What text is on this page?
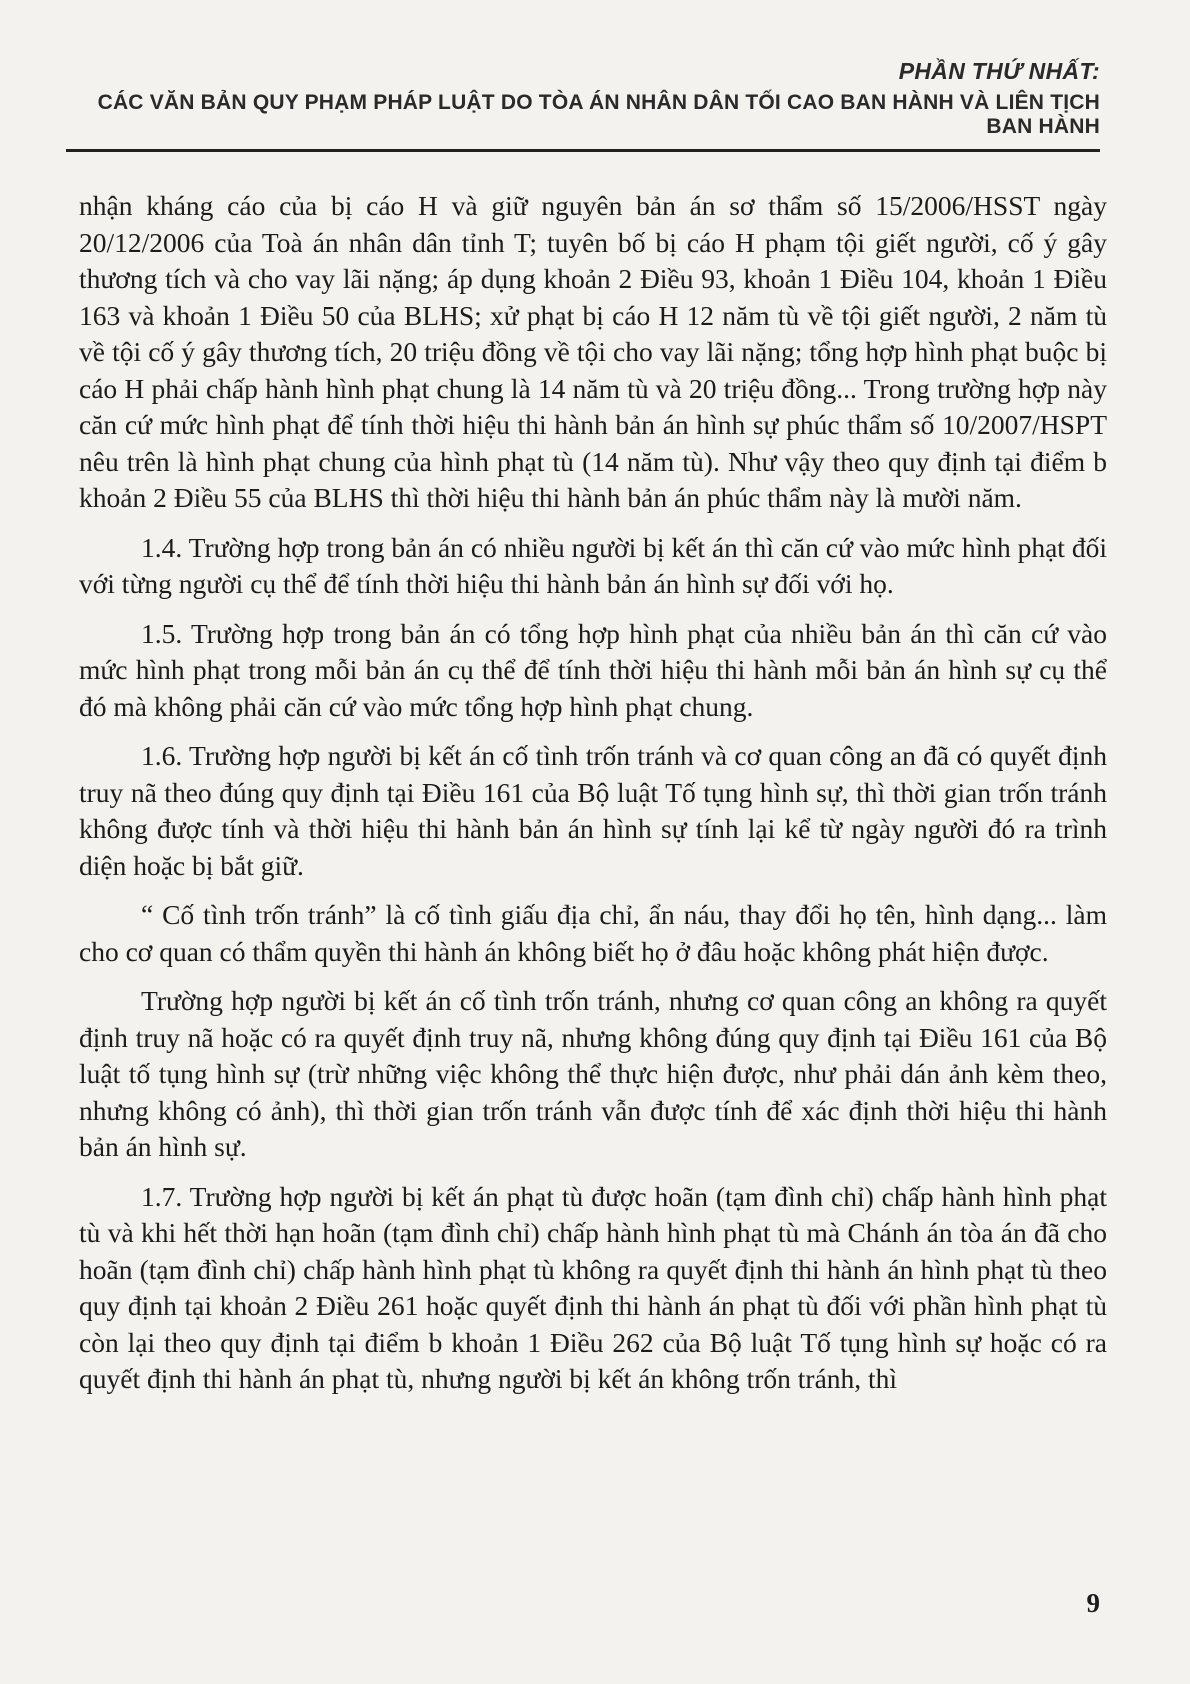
PHẦN THỨ NHẤT:
CÁC VĂN BẢN QUY PHẠM PHÁP LUẬT DO TÒA ÁN NHÂN DÂN TỐI CAO BAN HÀNH VÀ LIÊN TỊCH BAN HÀNH

nhận kháng cáo của bị cáo H và giữ nguyên bản án sơ thẩm số 15/2006/HSST ngày 20/12/2006 của Toà án nhân dân tỉnh T; tuyên bố bị cáo H phạm tội giết người, cố ý gây thương tích và cho vay lãi nặng; áp dụng khoản 2 Điều 93, khoản 1 Điều 104, khoản 1 Điều 163 và khoản 1 Điều 50 của BLHS; xử phạt bị cáo H 12 năm tù về tội giết người, 2 năm tù về tội cố ý gây thương tích, 20 triệu đồng về tội cho vay lãi nặng; tổng hợp hình phạt buộc bị cáo H phải chấp hành hình phạt chung là 14 năm tù và 20 triệu đồng... Trong trường hợp này căn cứ mức hình phạt để tính thời hiệu thi hành bản án hình sự phúc thẩm số 10/2007/HSPT nêu trên là hình phạt chung của hình phạt tù (14 năm tù). Như vậy theo quy định tại điểm b khoản 2 Điều 55 của BLHS thì thời hiệu thi hành bản án phúc thẩm này là mười năm.

1.4. Trường hợp trong bản án có nhiều người bị kết án thì căn cứ vào mức hình phạt đối với từng người cụ thể để tính thời hiệu thi hành bản án hình sự đối với họ.

1.5. Trường hợp trong bản án có tổng hợp hình phạt của nhiều bản án thì căn cứ vào mức hình phạt trong mỗi bản án cụ thể để tính thời hiệu thi hành mỗi bản án hình sự cụ thể đó mà không phải căn cứ vào mức tổng hợp hình phạt chung.

1.6. Trường hợp người bị kết án cố tình trốn tránh và cơ quan công an đã có quyết định truy nã theo đúng quy định tại Điều 161 của Bộ luật Tố tụng hình sự, thì thời gian trốn tránh không được tính và thời hiệu thi hành bản án hình sự tính lại kể từ ngày người đó ra trình diện hoặc bị bắt giữ.

“ Cố tình trốn tránh” là cố tình giấu địa chỉ, ẩn náu, thay đổi họ tên, hình dạng... làm cho cơ quan có thẩm quyền thi hành án không biết họ ở đâu hoặc không phát hiện được.

Trường hợp người bị kết án cố tình trốn tránh, nhưng cơ quan công an không ra quyết định truy nã hoặc có ra quyết định truy nã, nhưng không đúng quy định tại Điều 161 của Bộ luật tố tụng hình sự (trừ những việc không thể thực hiện được, như phải dán ảnh kèm theo, nhưng không có ảnh), thì thời gian trốn tránh vẫn được tính để xác định thời hiệu thi hành bản án hình sự.

1.7. Trường hợp người bị kết án phạt tù được hoãn (tạm đình chỉ) chấp hành hình phạt tù và khi hết thời hạn hoãn (tạm đình chỉ) chấp hành hình phạt tù mà Chánh án tòa án đã cho hoãn (tạm đình chỉ) chấp hành hình phạt tù không ra quyết định thi hành án hình phạt tù theo quy định tại khoản 2 Điều 261 hoặc quyết định thi hành án phạt tù đối với phần hình phạt tù còn lại theo quy định tại điểm b khoản 1 Điều 262 của Bộ luật Tố tụng hình sự hoặc có ra quyết định thi hành án phạt tù, nhưng người bị kết án không trốn tránh, thì

9
